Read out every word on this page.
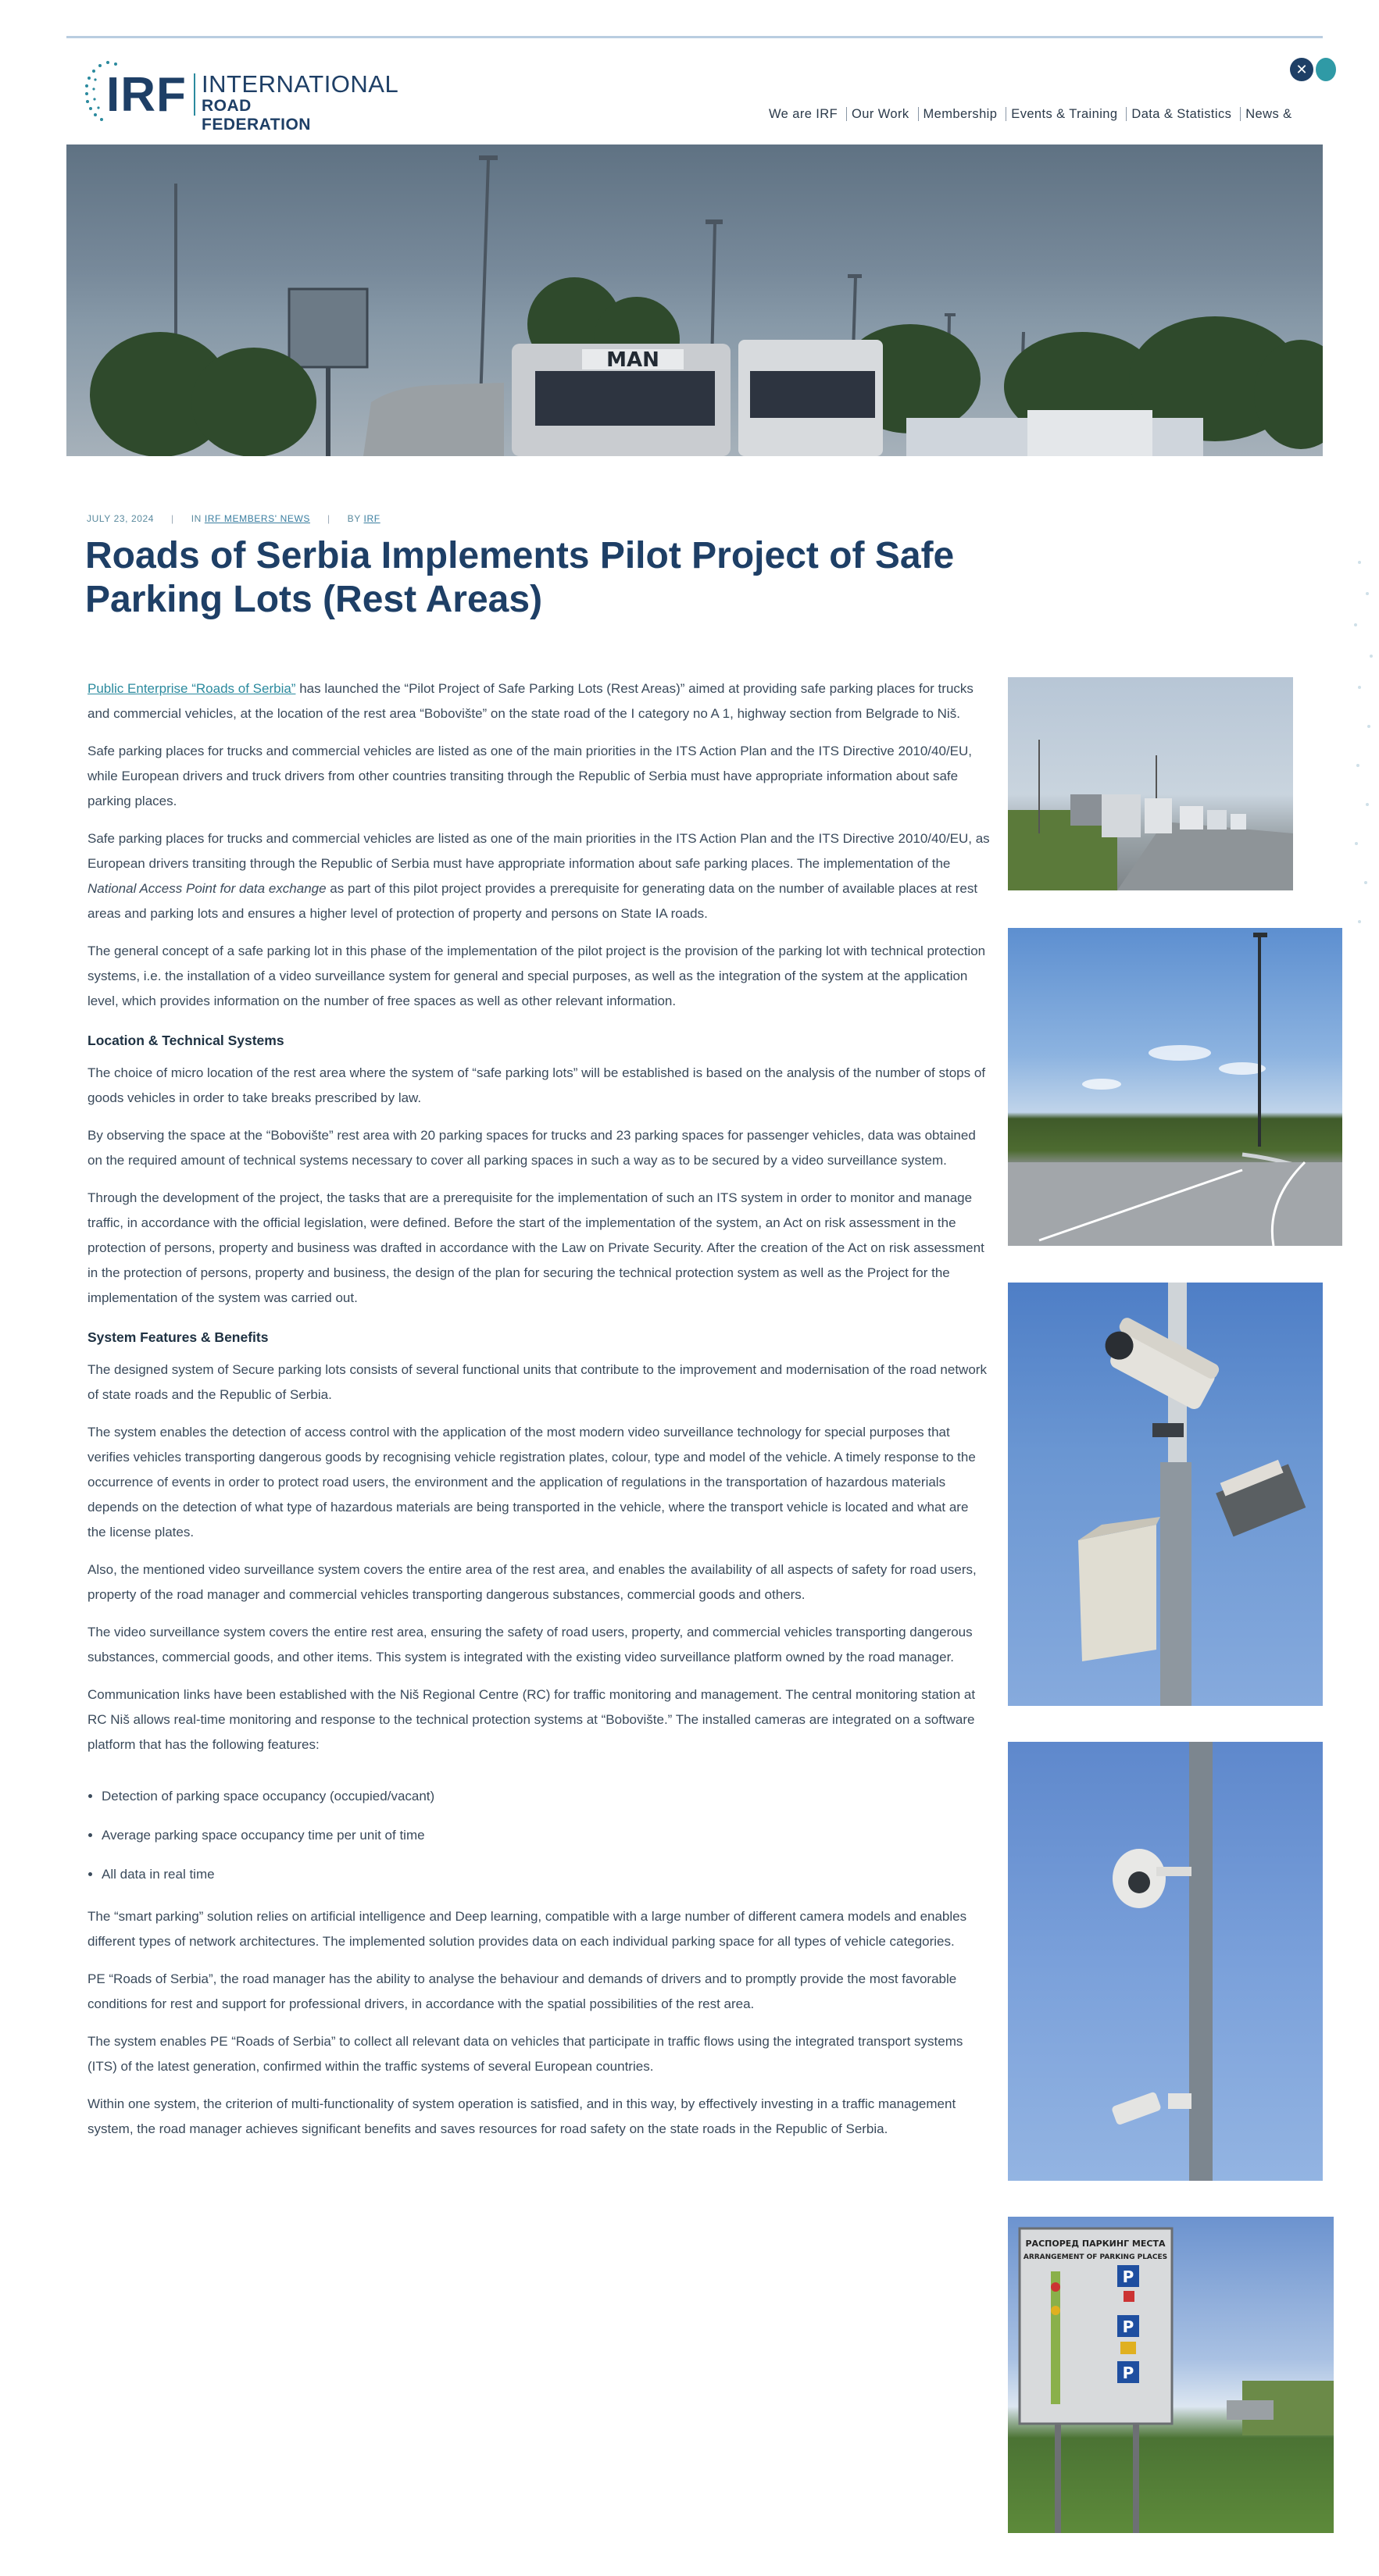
IRF INTERNATIONAL
ROAD FEDERATION
✕
We are IRF Our Work Membership Events & Training Data & Statistics News &
MAN
JULY 23, 2024 | IN IRF MEMBERS' NEWS | BY IRF
Roads of Serbia Implements Pilot Project of Safe Parking Lots (Rest Areas)

Public Enterprise “Roads of Serbia” has launched the “Pilot Project of Safe Parking Lots (Rest Areas)” aimed at providing safe parking places for trucks and commercial vehicles, at the location of the rest area “Bobovište” on the state road of the I category no A 1, highway section from Belgrade to Niš.

Safe parking places for trucks and commercial vehicles are listed as one of the main priorities in the ITS Action Plan and the ITS Directive 2010/40/EU, while European drivers and truck drivers from other countries transiting through the Republic of Serbia must have appropriate information about safe parking places.

Safe parking places for trucks and commercial vehicles are listed as one of the main priorities in the ITS Action Plan and the ITS Directive 2010/40/EU, as European drivers transiting through the Republic of Serbia must have appropriate information about safe parking places. The implementation of the National Access Point for data exchange as part of this pilot project provides a prerequisite for generating data on the number of available places at rest areas and parking lots and ensures a higher level of protection of property and persons on State IA roads.

The general concept of a safe parking lot in this phase of the implementation of the pilot project is the provision of the parking lot with technical protection systems, i.e. the installation of a video surveillance system for general and special purposes, as well as the integration of the system at the application level, which provides information on the number of free spaces as well as other relevant information.

Location & Technical Systems

The choice of micro location of the rest area where the system of “safe parking lots” will be established is based on the analysis of the number of stops of goods vehicles in order to take breaks prescribed by law.

By observing the space at the “Bobovište” rest area with 20 parking spaces for trucks and 23 parking spaces for passenger vehicles, data was obtained on the required amount of technical systems necessary to cover all parking spaces in such a way as to be secured by a video surveillance system.

Through the development of the project, the tasks that are a prerequisite for the implementation of such an ITS system in order to monitor and manage traffic, in accordance with the official legislation, were defined. Before the start of the implementation of the system, an Act on risk assessment in the protection of persons, property and business was drafted in accordance with the Law on Private Security. After the creation of the Act on risk assessment in the protection of persons, property and business, the design of the plan for securing the technical protection system as well as the Project for the implementation of the system was carried out.

System Features & Benefits

The designed system of Secure parking lots consists of several functional units that contribute to the improvement and modernisation of the road network of state roads and the Republic of Serbia.

The system enables the detection of access control with the application of the most modern video surveillance technology for special purposes that verifies vehicles transporting dangerous goods by recognising vehicle registration plates, colour, type and model of the vehicle. A timely response to the occurrence of events in order to protect road users, the environment and the application of regulations in the transportation of hazardous materials depends on the detection of what type of hazardous materials are being transported in the vehicle, where the transport vehicle is located and what are the license plates.

Also, the mentioned video surveillance system covers the entire area of the rest area, and enables the availability of all aspects of safety for road users, property of the road manager and commercial vehicles transporting dangerous substances, commercial goods and others.

The video surveillance system covers the entire rest area, ensuring the safety of road users, property, and commercial vehicles transporting dangerous substances, commercial goods, and other items. This system is integrated with the existing video surveillance platform owned by the road manager.

Communication links have been established with the Niš Regional Centre (RC) for traffic monitoring and management. The central monitoring station at RC Niš allows real-time monitoring and response to the technical protection systems at “Bobovište.” The installed cameras are integrated on a software platform that has the following features:

• Detection of parking space occupancy (occupied/vacant)
• Average parking space occupancy time per unit of time
• All data in real time

The “smart parking” solution relies on artificial intelligence and Deep learning, compatible with a large number of different camera models and enables different types of network architectures. The implemented solution provides data on each individual parking space for all types of vehicle categories.

PE “Roads of Serbia”, the road manager has the ability to analyse the behaviour and demands of drivers and to promptly provide the most favorable conditions for rest and support for professional drivers, in accordance with the spatial possibilities of the rest area.

The system enables PE “Roads of Serbia” to collect all relevant data on vehicles that participate in traffic flows using the integrated transport systems (ITS) of the latest generation, confirmed within the traffic systems of several European countries.

Within one system, the criterion of multi-functionality of system operation is satisfied, and in this way, by effectively investing in a traffic management system, the road manager achieves significant benefits and saves resources for road safety on the state roads in the Republic of Serbia.

РАСПОРЕД ПАРКИНГ МЕСТА
ARRANGEMENT OF PARKING PLACES
P
P
P
